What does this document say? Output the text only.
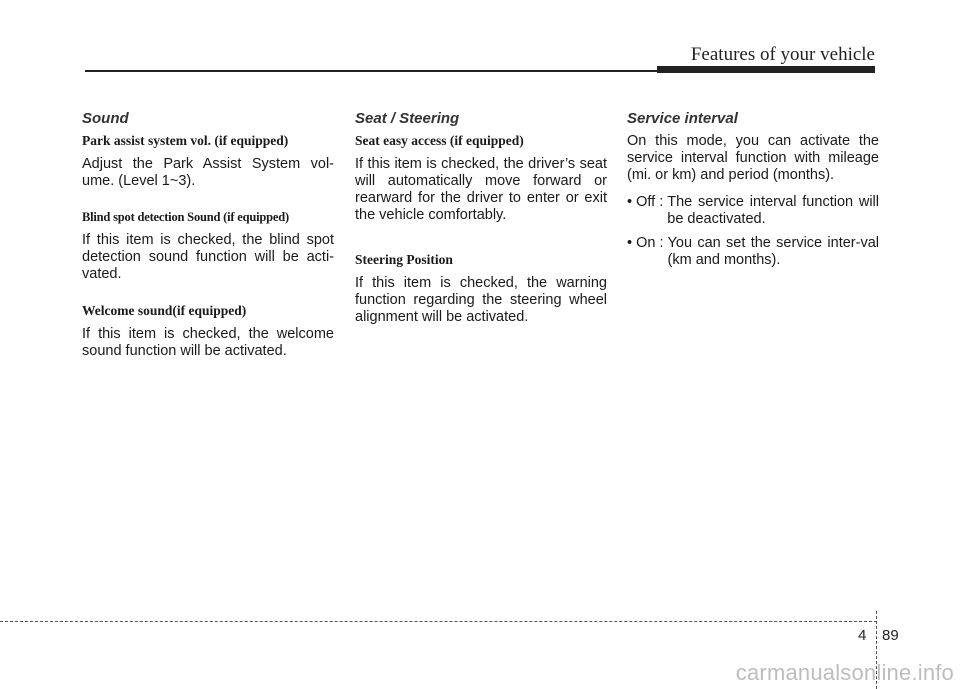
Features of your vehicle
Sound
Park assist system vol. (if equipped)

Adjust the Park Assist System vol-ume. (Level 1~3).

Blind spot detection Sound (if equipped)

If this item is checked, the blind spot detection sound function will be acti-vated.

Welcome sound(if equipped)

If this item is checked, the welcome sound function will be activated.

Seat / Steering
Seat easy access (if equipped)

If this item is checked, the driver’s seat will automatically move forward or rearward for the driver to enter or exit the vehicle comfortably.

Steering Position

If this item is checked, the warning function regarding the steering wheel alignment will be activated.

Service interval

On this mode, you can activate the service interval function with mileage (mi. or km) and period (months).

• Off : The service interval function will be deactivated.
• On : You can set the service inter-val (km and months).
4 89
carmanualsonline.info
